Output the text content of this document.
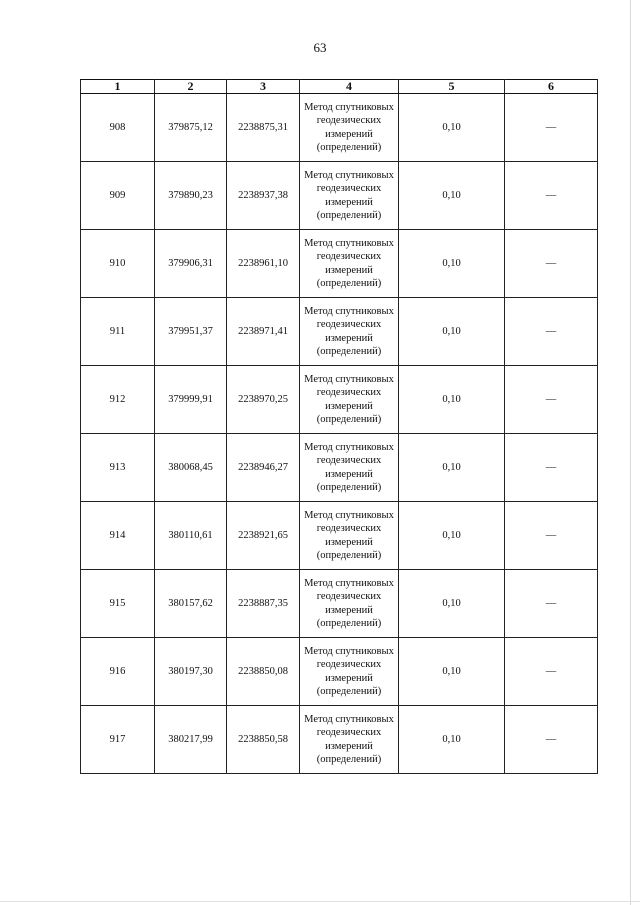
63
1	2	3	4	5	6
908	379875,12	2238875,31	Метод спутниковых геодезических измерений (определений)	0,10	—
909	379890,23	2238937,38	Метод спутниковых геодезических измерений (определений)	0,10	—
910	379906,31	2238961,10	Метод спутниковых геодезических измерений (определений)	0,10	—
911	379951,37	2238971,41	Метод спутниковых геодезических измерений (определений)	0,10	—
912	379999,91	2238970,25	Метод спутниковых геодезических измерений (определений)	0,10	—
913	380068,45	2238946,27	Метод спутниковых геодезических измерений (определений)	0,10	—
914	380110,61	2238921,65	Метод спутниковых геодезических измерений (определений)	0,10	—
915	380157,62	2238887,35	Метод спутниковых геодезических измерений (определений)	0,10	—
916	380197,30	2238850,08	Метод спутниковых геодезических измерений (определений)	0,10	—
917	380217,99	2238850,58	Метод спутниковых геодезических измерений (определений)	0,10	—
